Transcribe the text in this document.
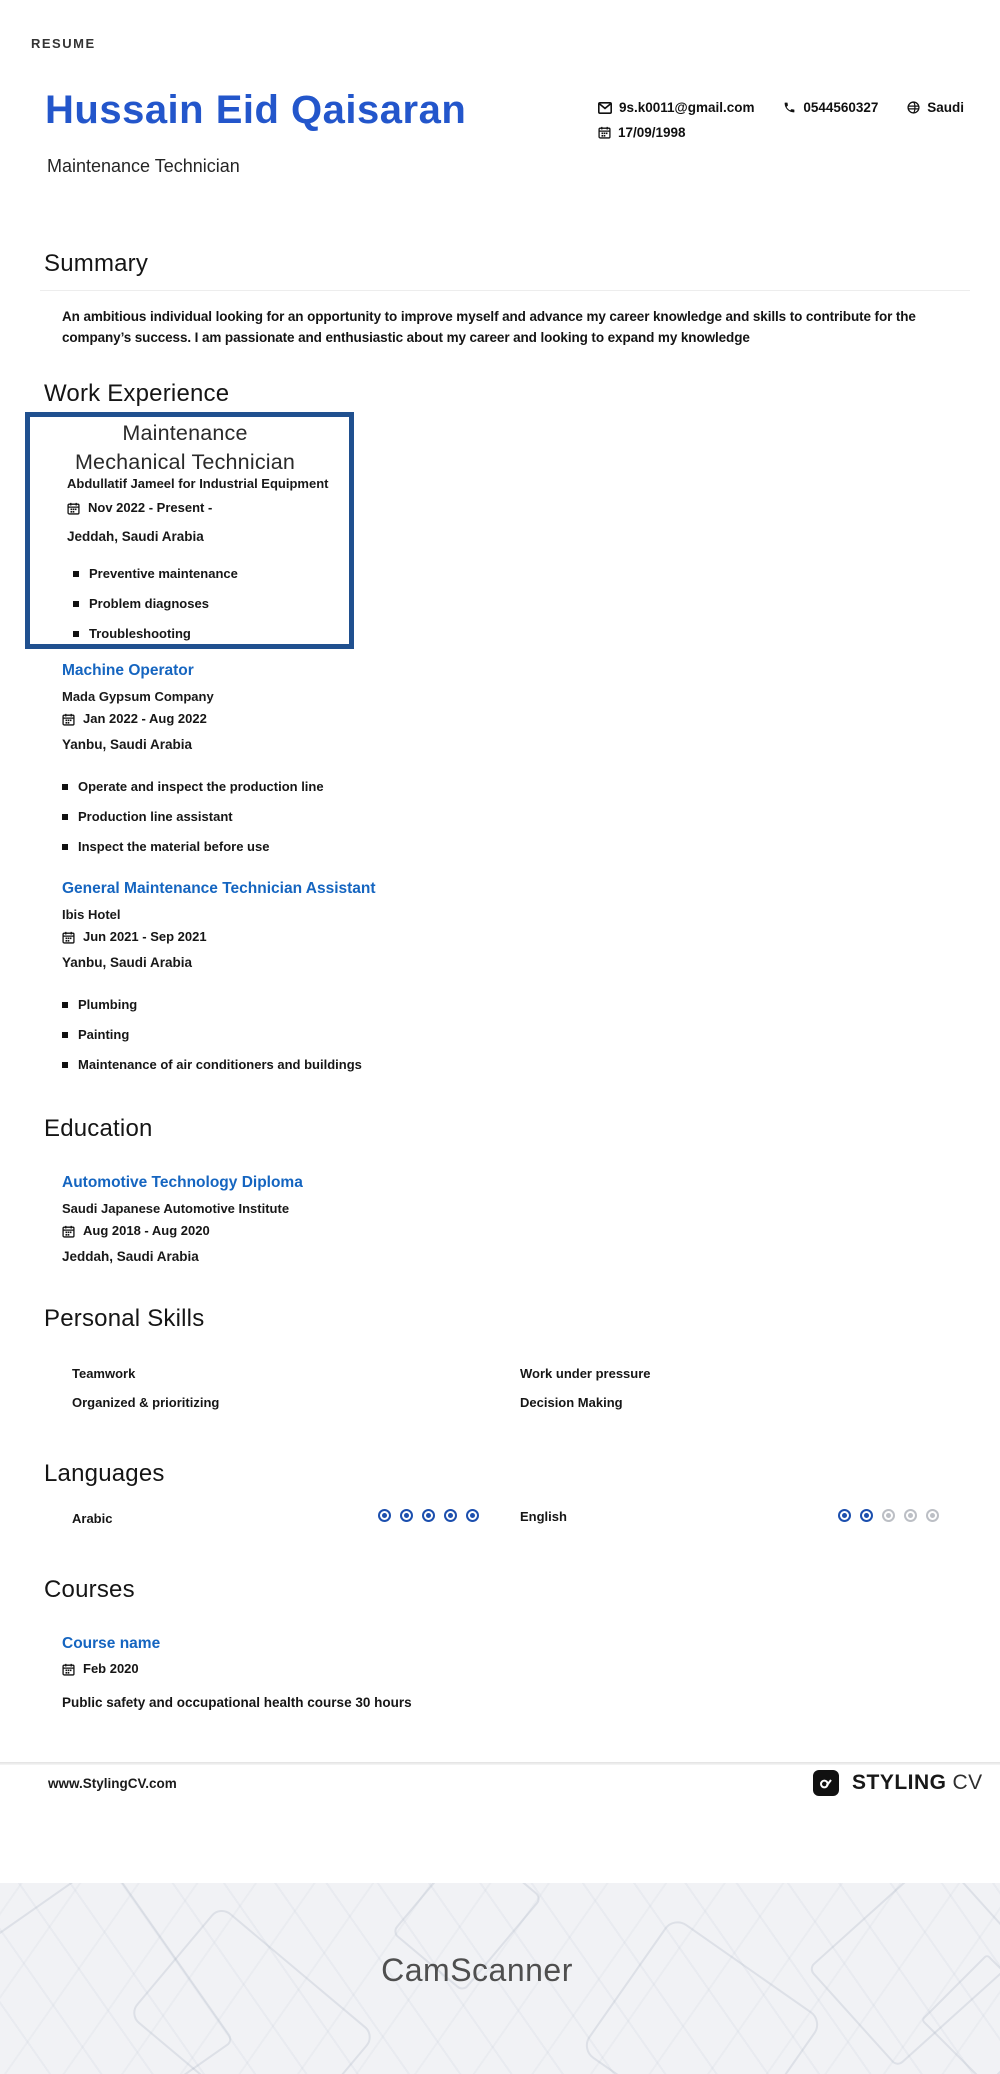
RESUME
Hussain Eid Qaisaran
Maintenance Technician
9s.k0011@gmail.com	0544560327	Saudi
17/09/1998
Summary
An ambitious individual looking for an opportunity to improve myself and advance my career knowledge and skills to contribute for the company’s success. I am passionate and enthusiastic about my career and looking to expand my knowledge
Work Experience
Maintenance
Mechanical Technician
Abdullatif Jameel for Industrial Equipment
Nov 2022 - Present -
Jeddah, Saudi Arabia
Preventive maintenance
Problem diagnoses
Troubleshooting
Machine Operator
Mada Gypsum Company
Jan 2022 - Aug 2022
Yanbu, Saudi Arabia
Operate and inspect the production line
Production line assistant
Inspect the material before use
General Maintenance Technician Assistant
Ibis Hotel
Jun 2021 - Sep 2021
Yanbu, Saudi Arabia
Plumbing
Painting
Maintenance of air conditioners and buildings
Education
Automotive Technology Diploma
Saudi Japanese Automotive Institute
Aug 2018 - Aug 2020
Jeddah, Saudi Arabia
Personal Skills
Teamwork	Work under pressure
Organized & prioritizing	Decision Making
Languages
Arabic	English
Courses
Course name
Feb 2020
Public safety and occupational health course 30 hours
www.StylingCV.com	STYLING CV
CamScanner
